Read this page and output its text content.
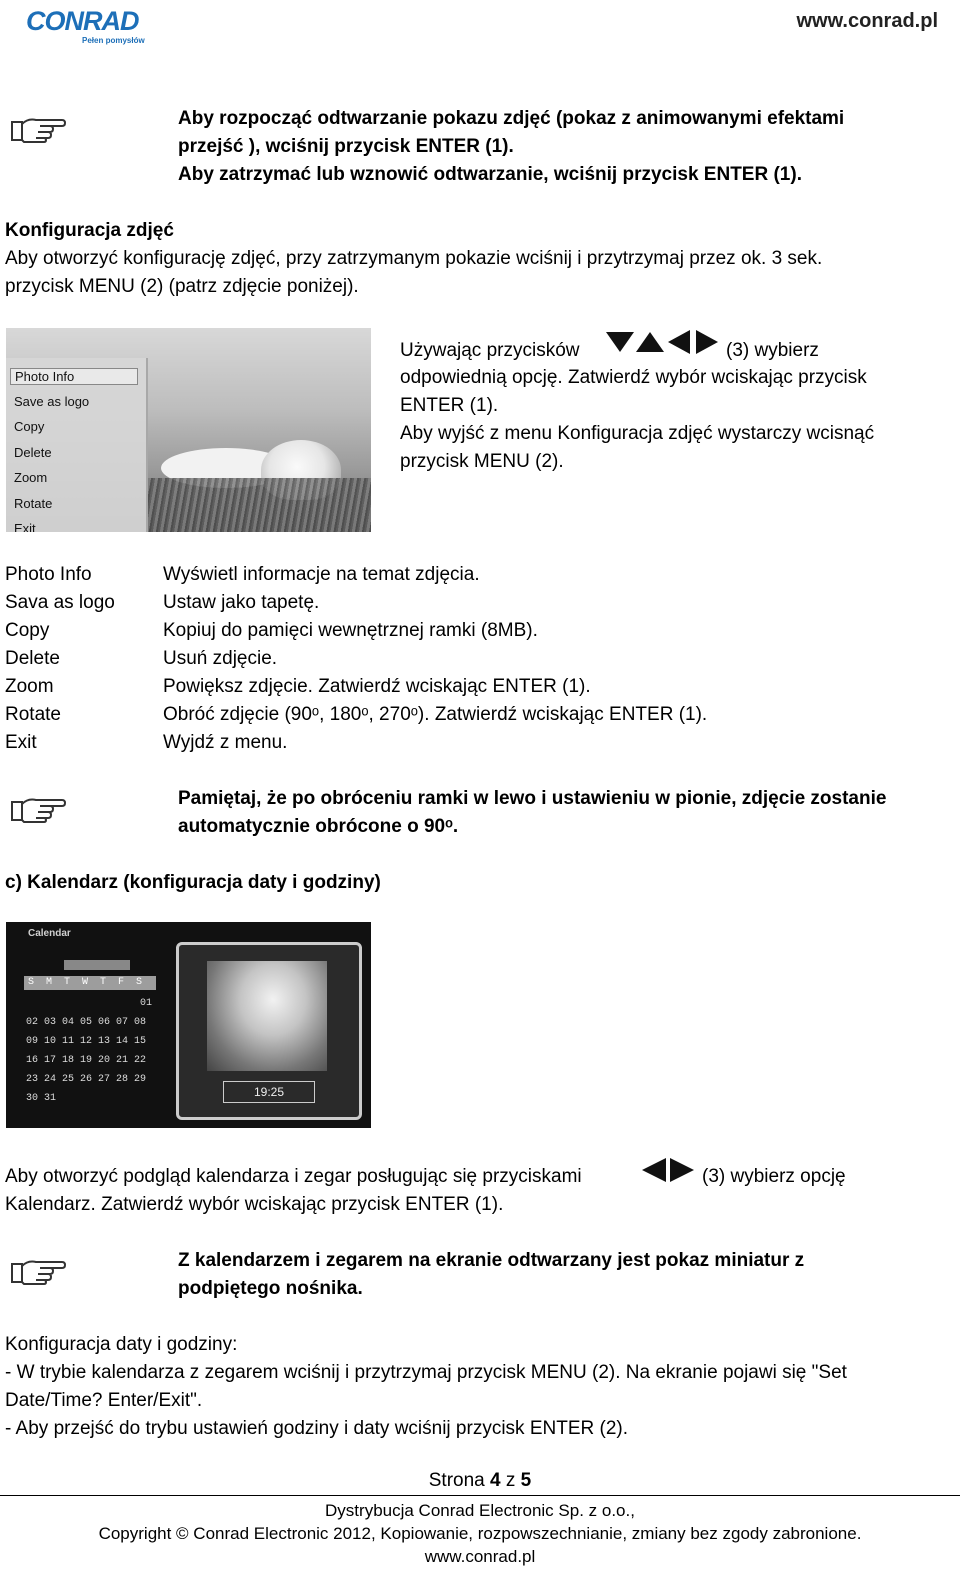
CONRAD
Pełen pomysłów
www.conrad.pl
Aby rozpocząć odtwarzanie pokazu zdjęć (pokaz z animowanymi efektami
przejść ), wciśnij przycisk ENTER (1).
Aby zatrzymać lub wznowić odtwarzanie, wciśnij przycisk ENTER (1).
Konfiguracja zdjęć
Aby otworzyć konfigurację zdjęć, przy zatrzymanym pokazie wciśnij i przytrzymaj przez ok. 3 sek.
przycisk MENU (2) (patrz zdjęcie poniżej).
Photo Info
Save as logo
Copy
Delete
Zoom
Rotate
Exit
Używając przycisków	(3) wybierz
odpowiednią opcję. Zatwierdź wybór wciskając przycisk
ENTER (1).
Aby wyjść z menu Konfiguracja zdjęć wystarczy wcisnąć
przycisk MENU (2).
Photo Info	Wyświetl informacje na temat zdjęcia.
Sava as logo	Ustaw jako tapetę.
Copy	Kopiuj do pamięci wewnętrznej ramki (8MB).
Delete	Usuń zdjęcie.
Zoom	Powiększ zdjęcie. Zatwierdź wciskając ENTER (1).
Rotate	Obróć zdjęcie (90ᵒ, 180ᵒ, 270ᵒ). Zatwierdź wciskając ENTER (1).
Exit	Wyjdź z menu.
Pamiętaj, że po obróceniu ramki w lewo i ustawieniu w pionie, zdjęcie zostanie
automatycznie obrócone o 90ᵒ.
c) Kalendarz (konfiguracja daty i godziny)
Calendar
S  M  T  W  T  F  S
01
02 03 04 05 06 07 08
09 10 11 12 13 14 15
16 17 18 19 20 21 22
23 24 25 26 27 28 29
30 31	19:25
Aby otworzyć podgląd kalendarza i zegar posługując się przyciskami	(3) wybierz opcję
Kalendarz. Zatwierdź wybór wciskając przycisk ENTER (1).
Z kalendarzem i zegarem na ekranie odtwarzany jest pokaz miniatur z
podpiętego nośnika.
Konfiguracja daty i godziny:
- W trybie kalendarza z zegarem wciśnij i przytrzymaj przycisk MENU (2). Na ekranie pojawi się "Set
Date/Time? Enter/Exit".
- Aby przejść do trybu ustawień godziny i daty wciśnij przycisk ENTER (2).
Strona 4 z 5
Dystrybucja Conrad Electronic Sp. z o.o.,
Copyright © Conrad Electronic 2012, Kopiowanie, rozpowszechnianie, zmiany bez zgody zabronione.
www.conrad.pl
